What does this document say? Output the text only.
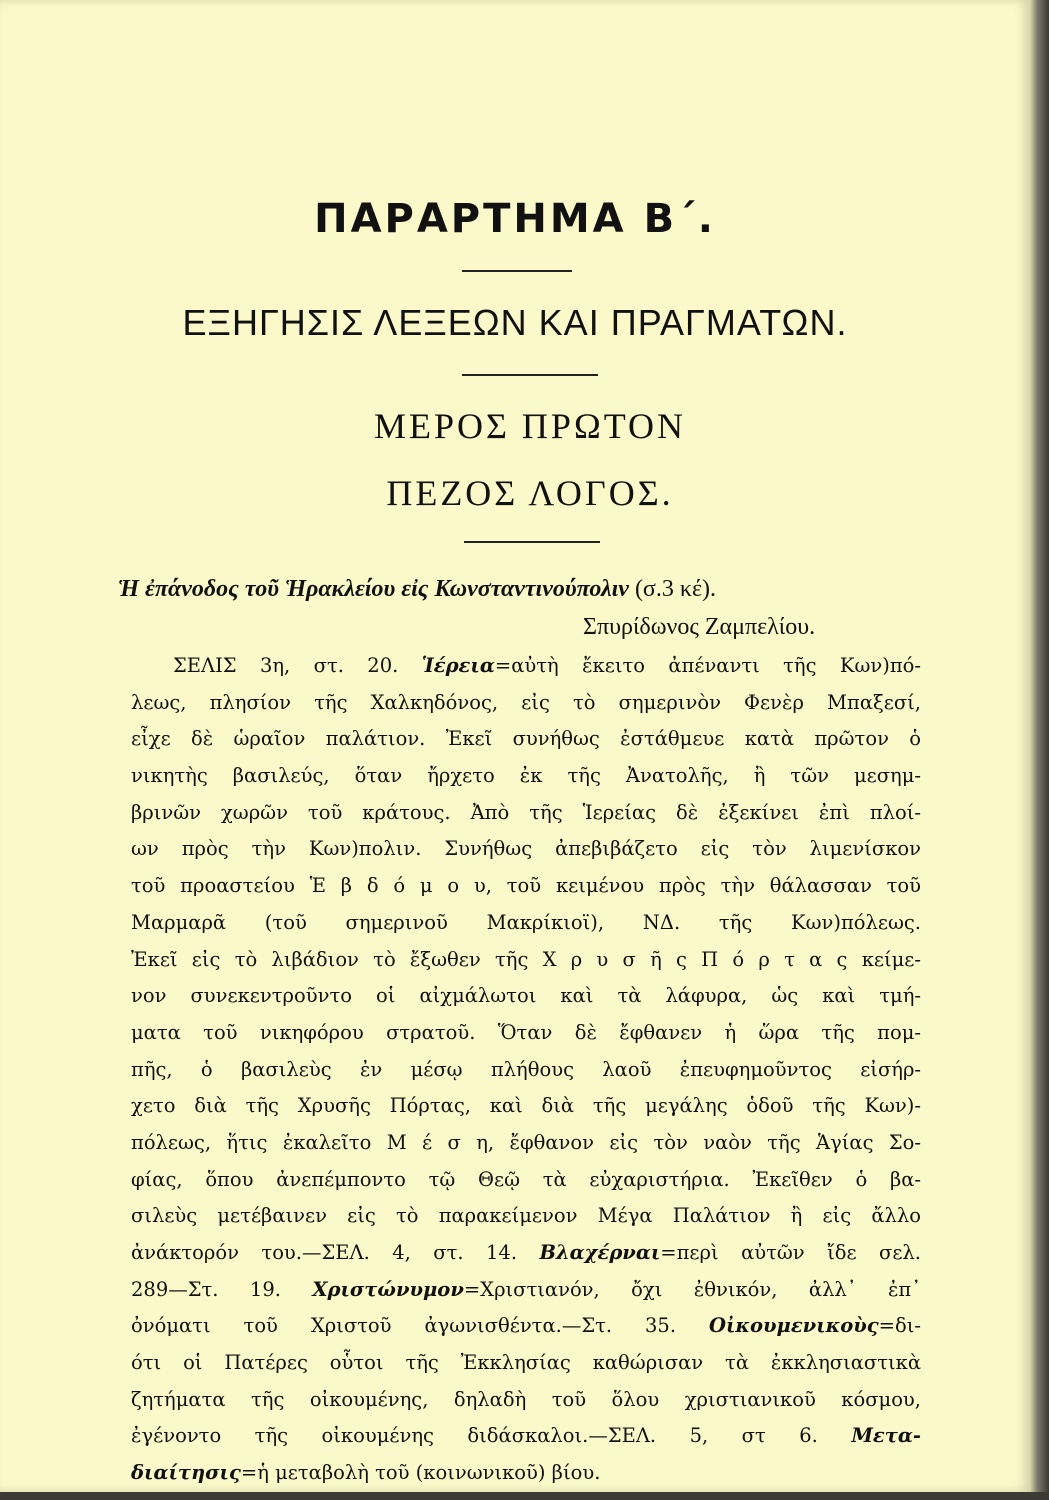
ΠΑΡΑΡΤΗΜΑ Β΄.
ΕΞΗΓΗΣΙΣ ΛΕΞΕΩΝ ΚΑΙ ΠΡΑΓΜΑΤΩΝ.
ΜΕΡΟΣ ΠΡΩΤΟΝ
ΠΕΖΟΣ ΛΟΓΟΣ.
Ἡ ἐπάνοδος τοῦ Ἡρακλείου εἰς Κωνσταντινούπολιν (σ.3 κέ).
Σπυρίδωνος Ζαμπελίου.
ΣΕΛΙΣ 3η, στ. 20. Ἱέρεια=αὐτὴ ἔκειτο ἀπέναντι τῆς Κων)πό-
λεως, πλησίον τῆς Χαλκηδόνος, εἰς τὸ σημερινὸν Φενὲρ Μπαξεσί,
εἶχε δὲ ὡραῖον παλάτιον. Ἐκεῖ συνήθως ἐστάθμευε κατὰ πρῶτον ὁ
νικητὴς βασιλεύς, ὅταν ἤρχετο ἐκ τῆς Ἀνατολῆς, ἢ τῶν μεσημ-
βρινῶν χωρῶν τοῦ κράτους. Ἀπὸ τῆς Ἱερείας δὲ ἐξεκίνει ἐπὶ πλοί-
ων πρὸς τὴν Κων)πολιν. Συνήθως ἀπεβιβάζετο εἰς τὸν λιμενίσκον
τοῦ προαστείου Ἑ β δ ό μ ο υ, τοῦ κειμένου πρὸς τὴν θάλασσαν τοῦ
Μαρμαρᾶ (τοῦ σημερινοῦ Μακρίκιοϊ), ΝΔ. τῆς Κων)πόλεως.
Ἐκεῖ εἰς τὸ λιβάδιον τὸ ἔξωθεν τῆς Χ ρ υ σ ῆ ς Π ό ρ τ α ς κείμε-
νον συνεκεντροῦντο οἱ αἰχμάλωτοι καὶ τὰ λάφυρα, ὡς καὶ τμή-
ματα τοῦ νικηφόρου στρατοῦ. Ὅταν δὲ ἔφθανεν ἡ ὥρα τῆς πομ-
πῆς, ὁ βασιλεὺς ἐν μέσῳ πλήθους λαοῦ ἐπευφημοῦντος εἰσήρ-
χετο διὰ τῆς Χρυσῆς Πόρτας, καὶ διὰ τῆς μεγάλης ὁδοῦ τῆς Κων)-
πόλεως, ἥτις ἐκαλεῖτο Μ έ σ η, ἔφθανον εἰς τὸν ναὸν τῆς Ἁγίας Σο-
φίας, ὅπου ἀνεπέμποντο τῷ Θεῷ τὰ εὐχαριστήρια. Ἐκεῖθεν ὁ βα-
σιλεὺς μετέβαινεν εἰς τὸ παρακείμενον Μέγα Παλάτιον ἢ εἰς ἄλλο
ἀνάκτορόν του.—ΣΕΛ. 4, στ. 14. Βλαχέρναι=περὶ αὐτῶν ἴδε σελ.
289—Στ. 19. Χριστώνυμον=Χριστιανόν, ὄχι ἐθνικόν, ἀλλ᾽ ἐπ᾽
ὀνόματι τοῦ Χριστοῦ ἀγωνισθέντα.—Στ. 35. Οἰκουμενικοὺς=δι-
ότι οἱ Πατέρες οὗτοι τῆς Ἐκκλησίας καθώρισαν τὰ ἐκκλησιαστικὰ
ζητήματα τῆς οἰκουμένης, δηλαδὴ τοῦ ὅλου χριστιανικοῦ κόσμου,
ἐγένοντο τῆς οἰκουμένης διδάσκαλοι.—ΣΕΛ. 5, στ 6. Μετα-
διαίτησις=ἡ μεταβολὴ τοῦ (κοινωνικοῦ) βίου.
